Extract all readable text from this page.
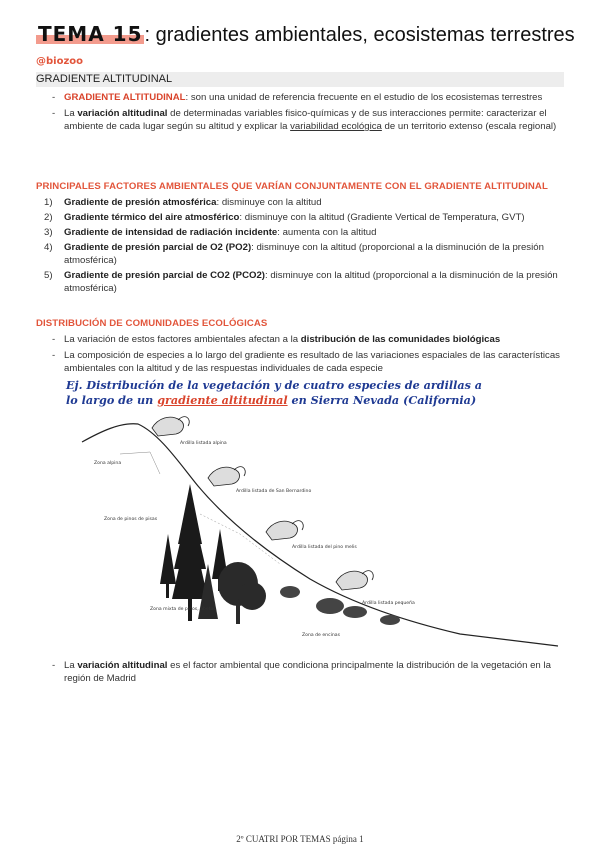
TEMA 15 : gradientes ambientales, ecosistemas terrestres
@biozoo
GRADIENTE ALTITUDINAL
- GRADIENTE ALTITUDINAL: son una unidad de referencia frecuente en el estudio de los ecosistemas terrestres
- La variación altitudinal de determinadas variables fisico-químicas y de sus interacciones permite: caracterizar el ambiente de cada lugar según su altitud y explicar la variabilidad ecológica de un territorio extenso (escala regional)
PRINCIPALES FACTORES AMBIENTALES QUE VARÍAN CONJUNTAMENTE CON EL GRADIENTE ALTITUDINAL
1) Gradiente de presión atmosférica: disminuye con la altitud
2) Gradiente térmico del aire atmosférico: disminuye con la altitud (Gradiente Vertical de Temperatura, GVT)
3) Gradiente de intensidad de radiación incidente: aumenta con la altitud
4) Gradiente de presión parcial de O2 (PO2): disminuye con la altitud (proporcional a la disminución de la presión atmosférica)
5) Gradiente de presión parcial de CO2 (PCO2): disminuye con la altitud (proporcional a la disminución de la presión atmosférica)
DISTRIBUCIÓN DE COMUNIDADES ECOLÓGICAS
- La variación de estos factores ambientales afectan a la distribución de las comunidades biológicas
- La composición de especies a lo largo del gradiente es resultado de las variaciones espaciales de las características ambientales con la altitud y de las respuestas individuales de cada especie
Ej. Distribución de la vegetación y de cuatro especies de ardillas a lo largo de un gradiente altitudinal en Sierra Nevada (California)
Ardilla listada alpina
Zona alpina
Ardilla listada de San Bernardino
Zona de pinos de pisas
Ardilla listada del pino melis
Ardilla listada pequeña
Zona mixta de pinos, abetos
Zona de encinas
- La variación altitudinal es el factor ambiental que condiciona principalmente la distribución de la vegetación en la región de Madrid
2º CUATRI POR TEMAS página 1
